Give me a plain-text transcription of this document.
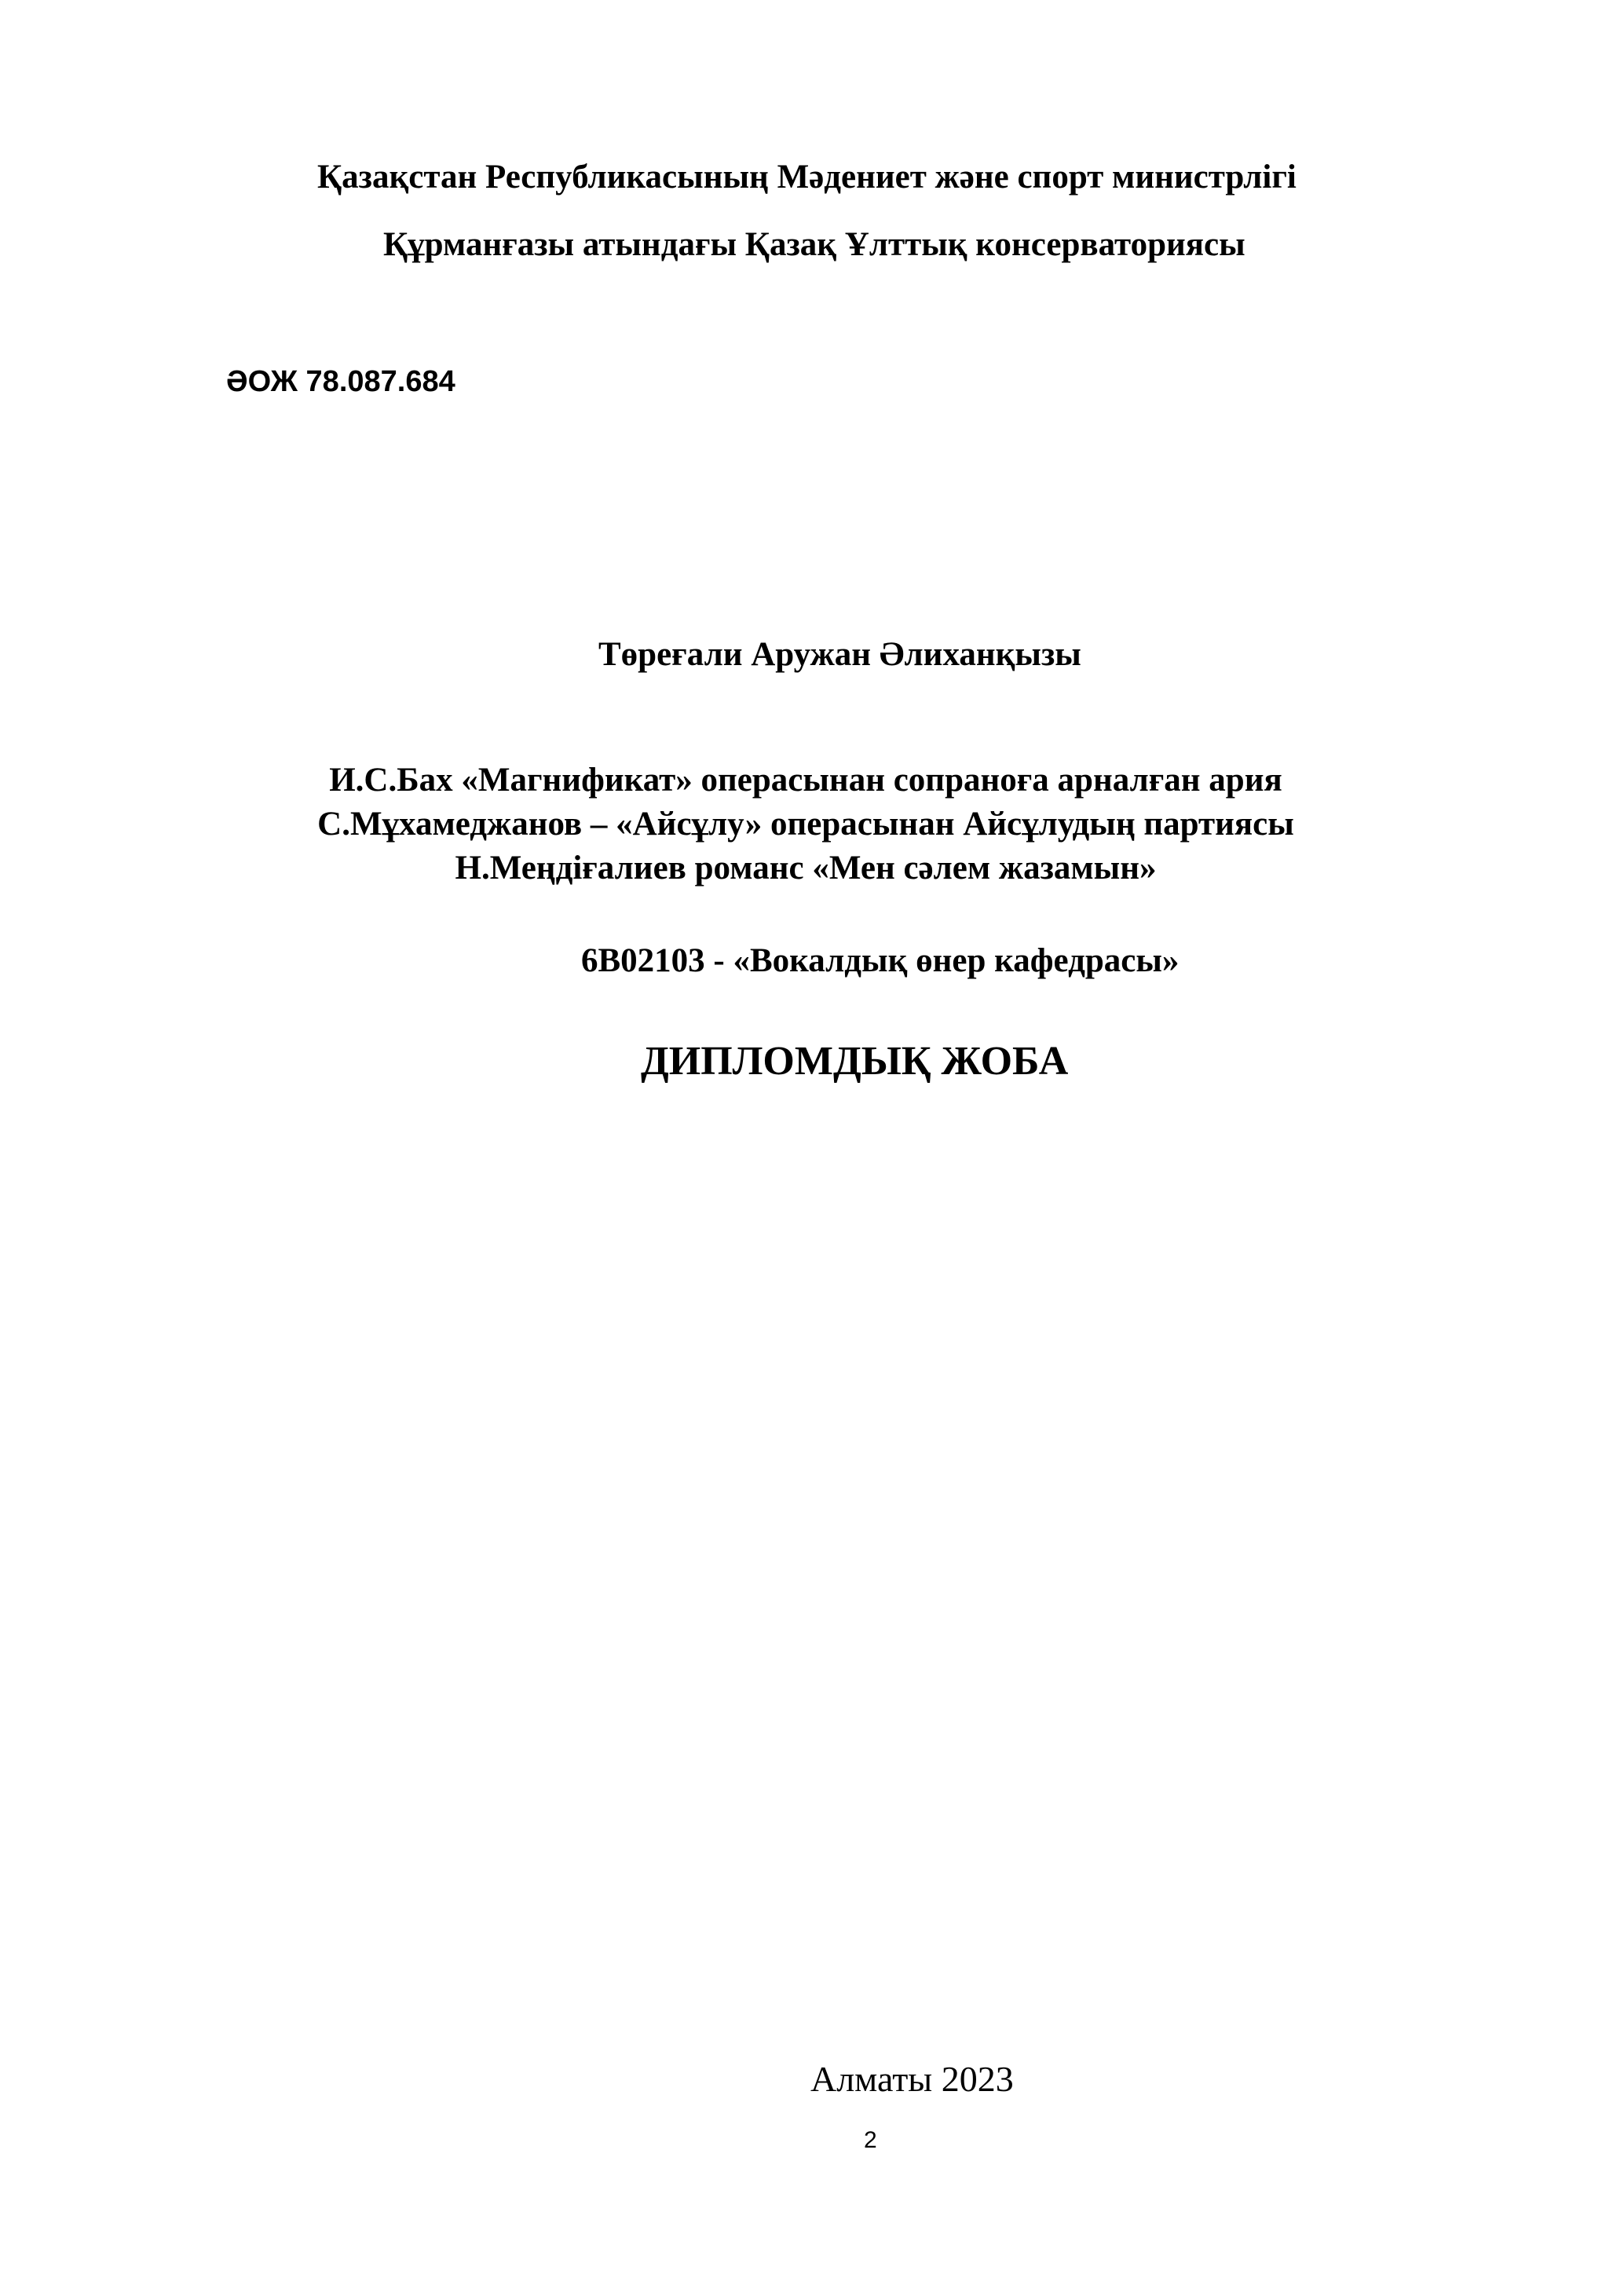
Қазақстан Республикасының Мәдениет және спорт министрлігі
Құрманғазы атындағы Қазақ Ұлттық консерваториясы
ӘОЖ 78.087.684
Төреғали Аружан Әлиханқызы
И.С.Бах «Магнификат» операсынан сопраноға арналған ария
С.Мұхамеджанов – «Айсұлу» операсынан Айсұлудың партиясы
Н.Меңдіғалиев романс «Мен сәлем жазамын»
6В02103 - «Вокалдық өнер кафедрасы»
ДИПЛОМДЫҚ ЖОБА
Алматы 2023
2
